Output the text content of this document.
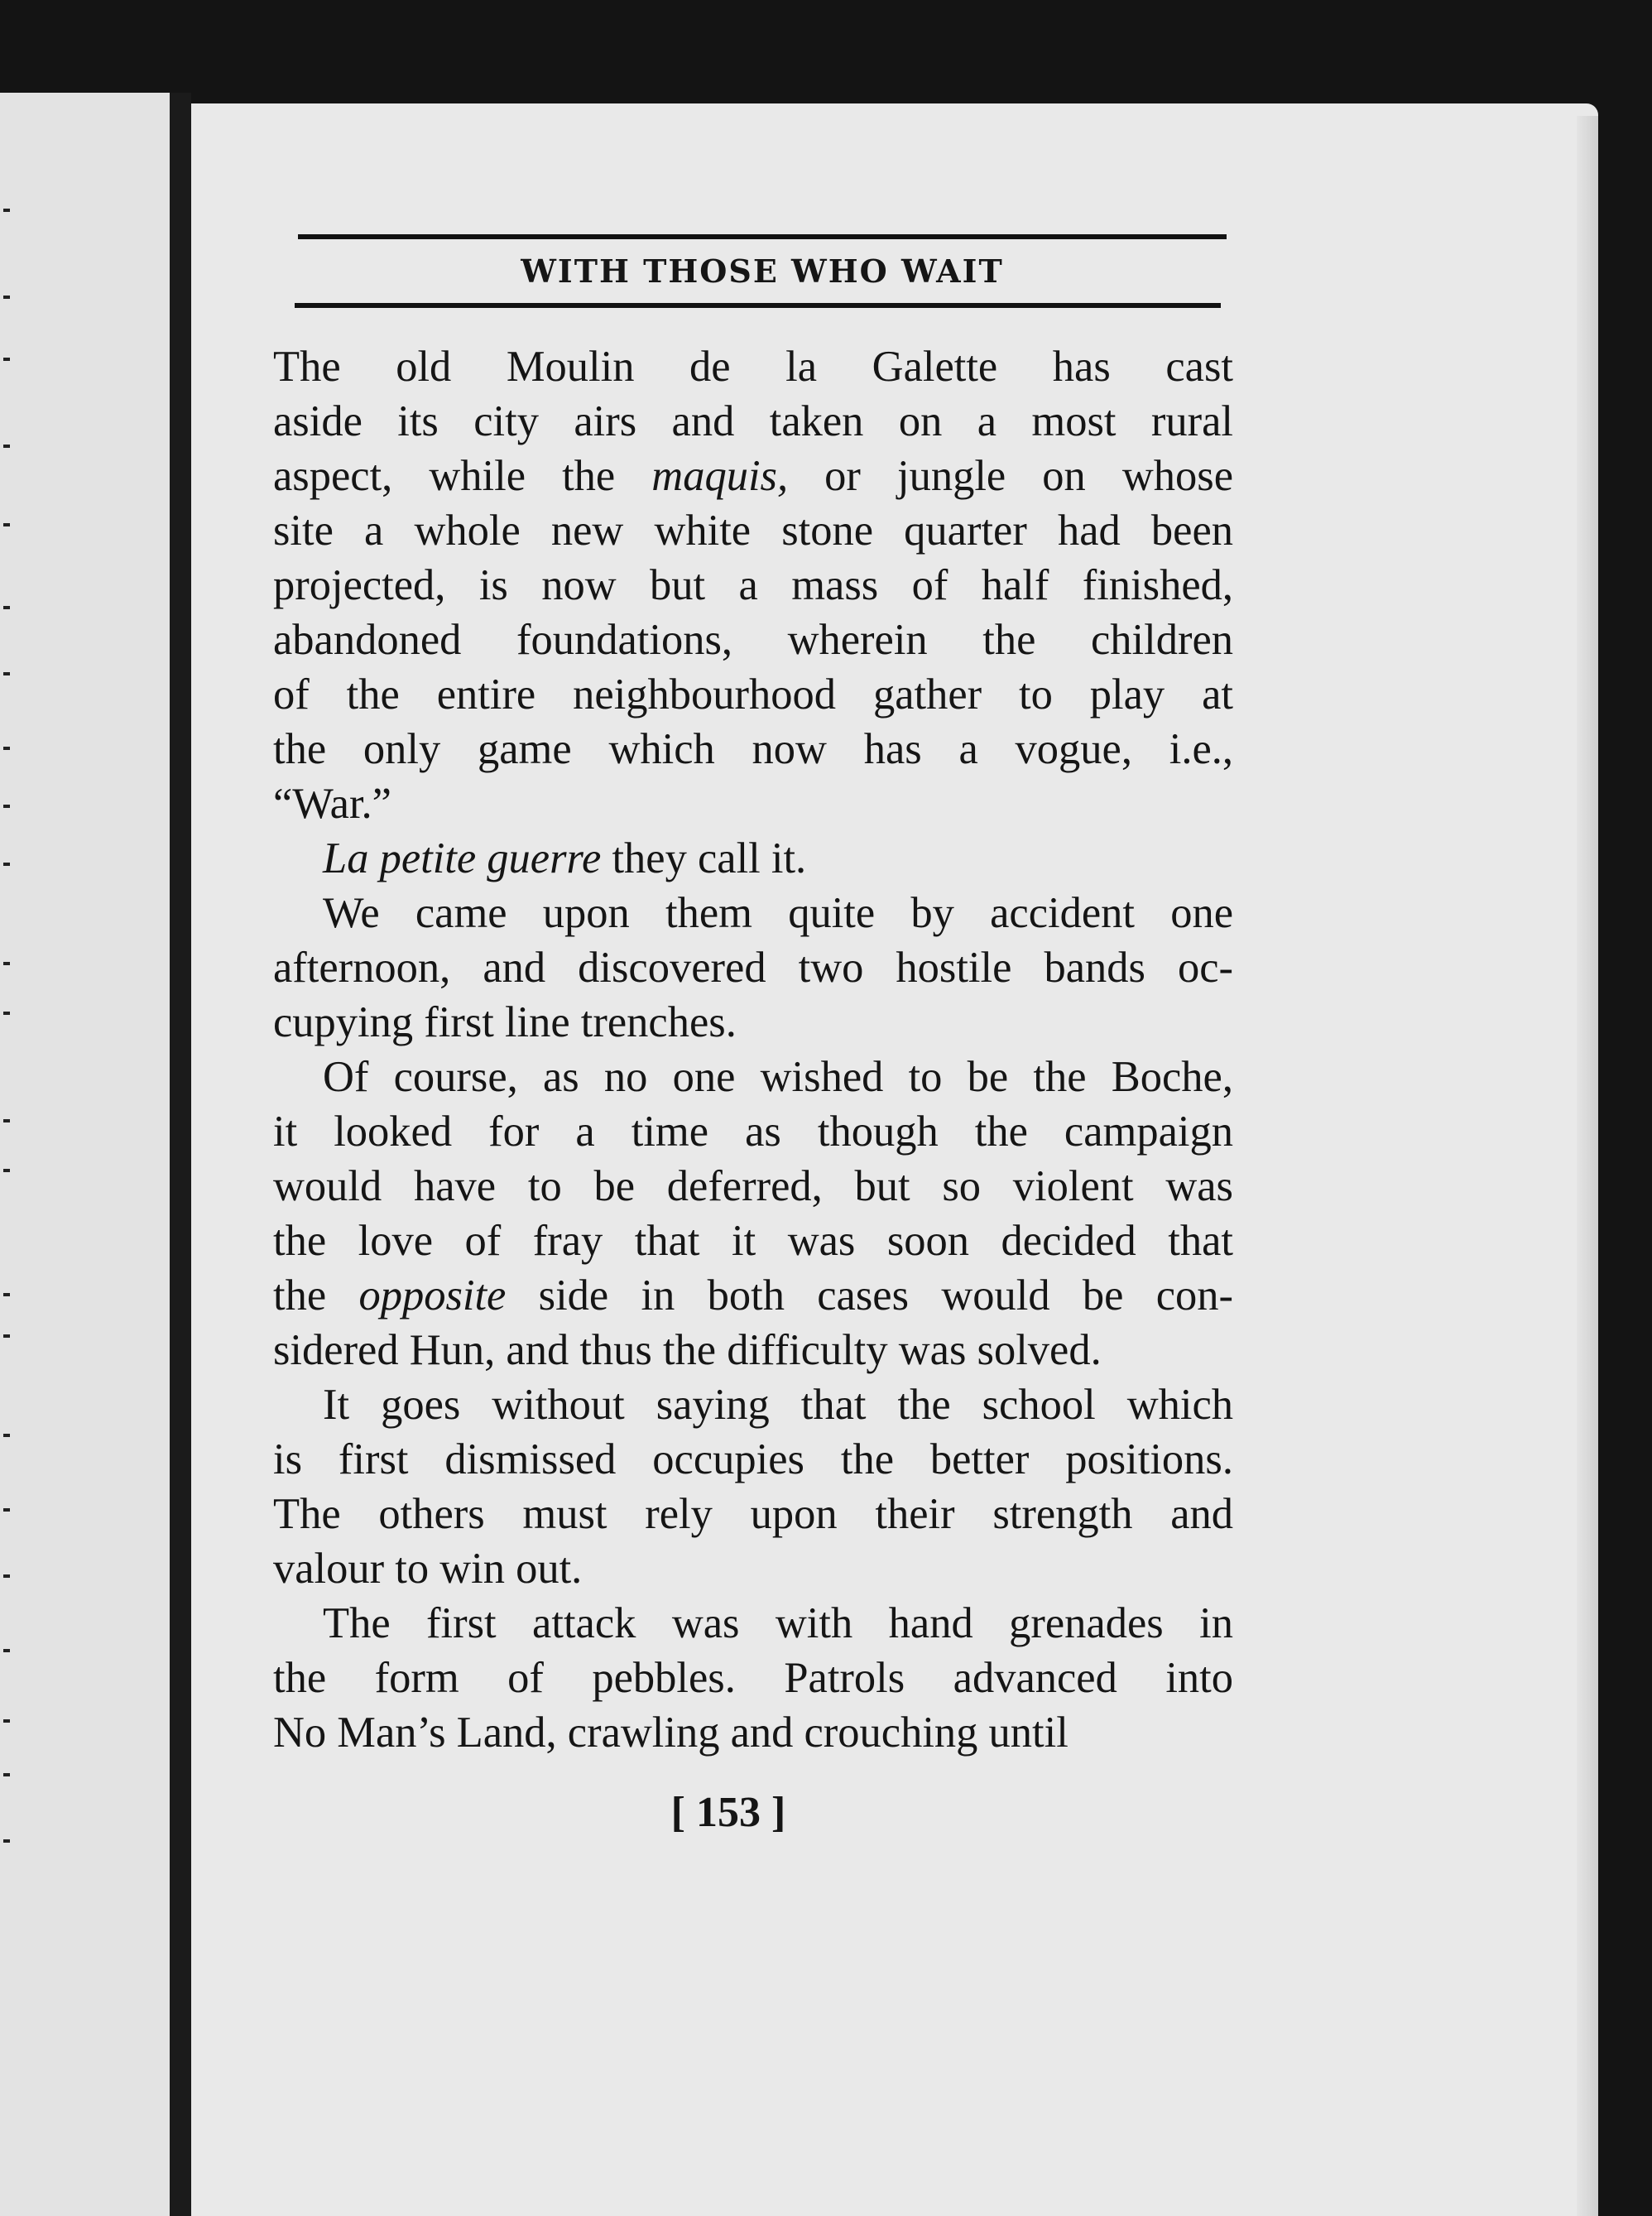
WITH THOSE WHO WAIT
The old Moulin de la Galette has cast
aside its city airs and taken on a most rural
aspect, while the maquis, or jungle on whose
site a whole new white stone quarter had been
projected, is now but a mass of half finished,
abandoned foundations, wherein the children
of the entire neighbourhood gather to play at
the only game which now has a vogue, i.e.,
“War.”
La petite guerre they call it.
We came upon them quite by accident one
afternoon, and discovered two hostile bands oc-
cupying first line trenches.
Of course, as no one wished to be the Boche,
it looked for a time as though the campaign
would have to be deferred, but so violent was
the love of fray that it was soon decided that
the opposite side in both cases would be con-
sidered Hun, and thus the difficulty was solved.
It goes without saying that the school which
is first dismissed occupies the better positions.
The others must rely upon their strength and
valour to win out.
The first attack was with hand grenades in
the form of pebbles. Patrols advanced into
No Man’s Land, crawling and crouching until
[ 153 ]
